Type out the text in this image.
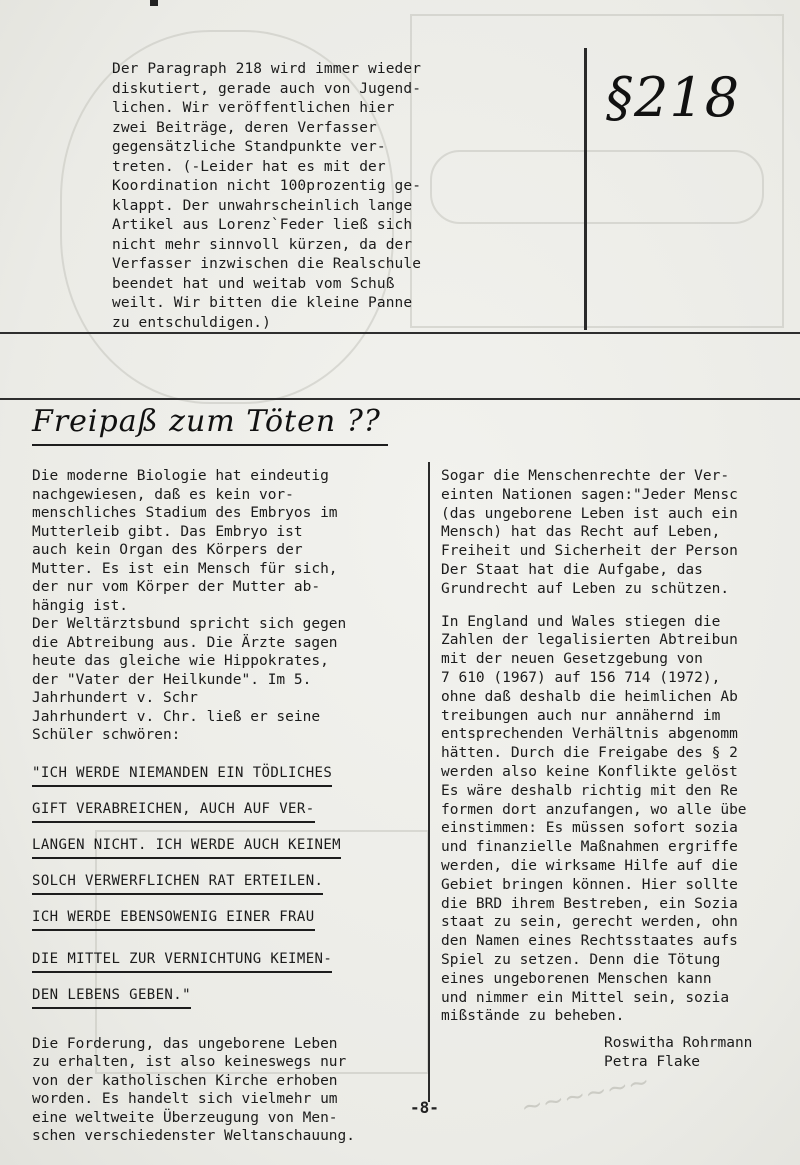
~~~~~~

Der Paragraph 218 wird immer wieder

diskutiert, gerade auch von Jugend-

lichen. Wir veröffentlichen hier

zwei Beiträge, deren Verfasser

gegensätzliche Standpunkte ver-

treten. (-Leider hat es mit der

Koordination nicht 100prozentig ge-

klappt. Der unwahrscheinlich lange

Artikel aus Lorenz`Feder ließ sich

nicht mehr sinnvoll kürzen, da der

Verfasser inzwischen die Realschule

beendet hat und weitab vom Schuß

weilt. Wir bitten die kleine Panne

zu entschuldigen.)

§218
Freipaß zum Töten ??

Die moderne Biologie hat eindeutig

nachgewiesen, daß es kein vor-

menschliches Stadium des Embryos im

Mutterleib gibt. Das Embryo ist

auch kein Organ des Körpers der

Mutter. Es ist ein Mensch für sich,

der nur vom Körper der Mutter ab-

hängig ist.

Der Weltärztsbund spricht sich gegen

die Abtreibung aus. Die Ärzte sagen

heute das gleiche wie Hippokrates,

der "Vater der Heilkunde". Im 5.

Jahrhundert v. Schr

Jahrhundert v. Chr. ließ er seine

Schüler schwören:

"ICH WERDE NIEMANDEN EIN TÖDLICHES
GIFT VERABREICHEN, AUCH AUF VER-
LANGEN NICHT. ICH WERDE AUCH KEINEM
SOLCH VERWERFLICHEN RAT ERTEILEN.
ICH WERDE EBENSOWENIG EINER FRAU
DIE MITTEL ZUR VERNICHTUNG KEIMEN-
DEN LEBENS GEBEN."

Die Forderung, das ungeborene Leben

zu erhalten, ist also keineswegs nur

von der katholischen Kirche erhoben

worden. Es handelt sich vielmehr um

eine weltweite Überzeugung von Men-

schen verschiedenster Weltanschauung.

Sogar die Menschenrechte der Ver-

einten Nationen sagen:"Jeder Mensc

(das ungeborene Leben ist auch ein

Mensch) hat das Recht auf Leben,

Freiheit und Sicherheit der Person

Der Staat hat die Aufgabe, das

Grundrecht auf Leben zu schützen.

In England und Wales stiegen die

Zahlen der legalisierten Abtreibun

mit der neuen Gesetzgebung von

7 610 (1967) auf 156 714 (1972),

ohne daß deshalb die heimlichen Ab

treibungen auch nur annähernd im

entsprechenden Verhältnis abgenomm

hätten. Durch die Freigabe des § 2

werden also keine Konflikte gelöst

Es wäre deshalb richtig mit den Re

formen dort anzufangen, wo alle übe

einstimmen: Es müssen sofort sozia

und finanzielle Maßnahmen ergriffe

werden, die wirksame Hilfe auf die

Gebiet bringen können. Hier sollte

die BRD ihrem Bestreben, ein Sozia

staat zu sein, gerecht werden, ohn

den Namen eines Rechtsstaates aufs

Spiel zu setzen. Denn die Tötung

eines ungeborenen Menschen kann

und nimmer ein Mittel sein, sozia

mißstände zu beheben.

Roswitha Rohrmann

Petra Flake

-8-
